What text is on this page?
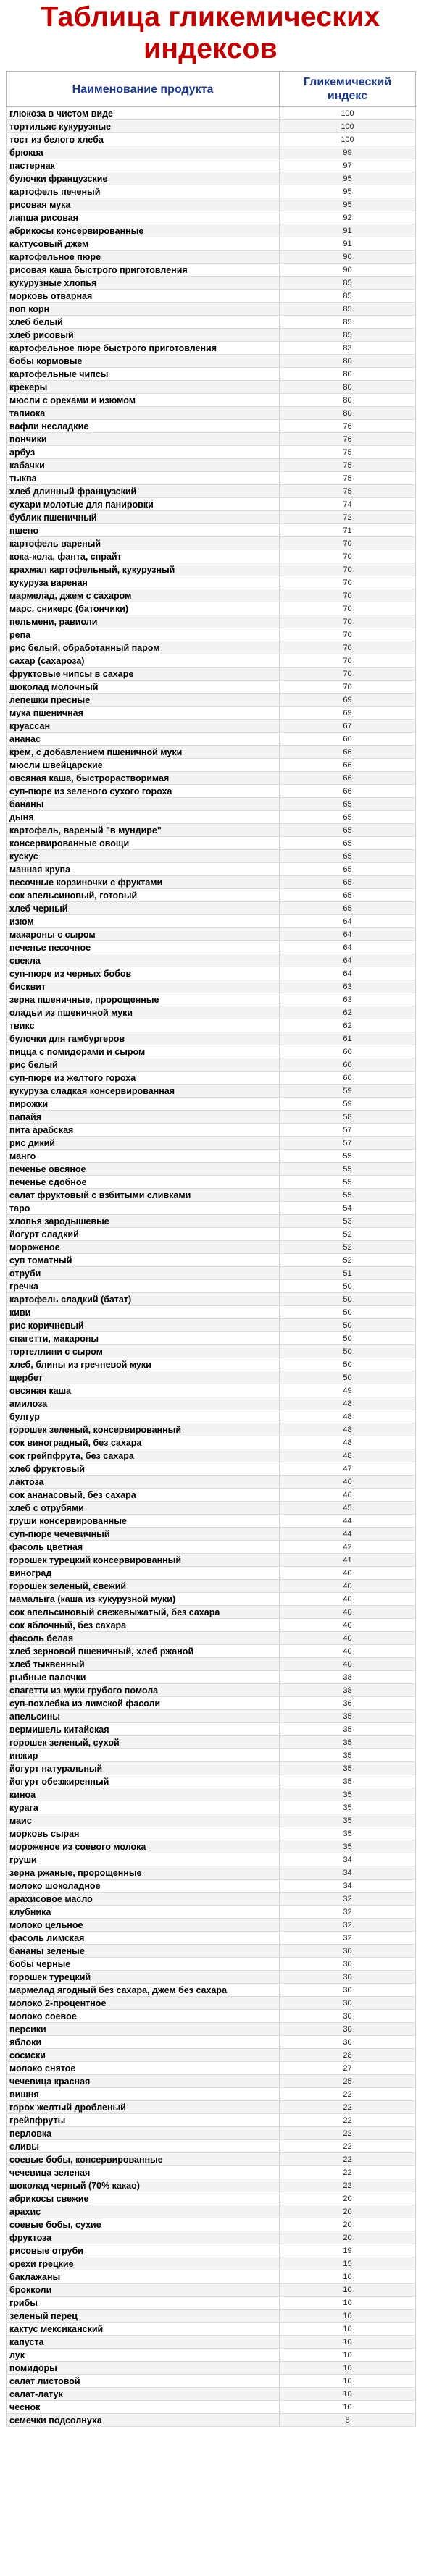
Таблица гликемических
индексов
Наименование продукта	Гликемический
индекс
глюкоза в чистом виде	100
тортильяс кукурузные	100
тост из белого хлеба	100
брюква	99
пастернак	97
булочки французские	95
картофель печеный	95
рисовая мука	95
лапша рисовая	92
абрикосы консервированные	91
кактусовый джем	91
картофельное пюре	90
рисовая каша быстрого приготовления	90
кукурузные хлопья	85
морковь отварная	85
поп корн	85
хлеб белый	85
хлеб рисовый	85
картофельное пюре быстрого приготовления	83
бобы кормовые	80
картофельные чипсы	80
крекеры	80
мюсли с орехами и изюмом	80
тапиока	80
вафли несладкие	76
пончики	76
арбуз	75
кабачки	75
тыква	75
хлеб длинный французский	75
сухари молотые для панировки	74
бублик пшеничный	72
пшено	71
картофель вареный	70
кока-кола, фанта, спрайт	70
крахмал картофельный, кукурузный	70
кукуруза вареная	70
мармелад, джем с сахаром	70
марс, сникерс (батончики)	70
пельмени, равиоли	70
репа	70
рис белый, обработанный паром	70
сахар (сахароза)	70
фруктовые чипсы в сахаре	70
шоколад молочный	70
лепешки пресные	69
мука пшеничная	69
круассан	67
ананас	66
крем, с добавлением пшеничной муки	66
мюсли швейцарские	66
овсяная каша, быстрорастворимая	66
суп-пюре из зеленого сухого гороха	66
бананы	65
дыня	65
картофель, вареный "в мундире"	65
консервированные овощи	65
кускус	65
манная крупа	65
песочные корзиночки с фруктами	65
сок апельсиновый, готовый	65
хлеб черный	65
изюм	64
макароны с сыром	64
печенье песочное	64
свекла	64
суп-пюре из черных бобов	64
бисквит	63
зерна пшеничные, пророщенные	63
оладьи из пшеничной муки	62
твикс	62
булочки для гамбургеров	61
пицца с помидорами и сыром	60
рис белый	60
суп-пюре из желтого гороха	60
кукуруза сладкая консервированная	59
пирожки	59
папайя	58
пита арабская	57
рис дикий	57
манго	55
печенье овсяное	55
печенье сдобное	55
салат фруктовый с взбитыми сливками	55
таро	54
хлопья зародышевые	53
йогурт сладкий	52
мороженое	52
суп томатный	52
отруби	51
гречка	50
картофель сладкий (батат)	50
киви	50
рис коричневый	50
спагетти, макароны	50
тортеллини с сыром	50
хлеб, блины из гречневой муки	50
щербет	50
овсяная каша	49
амилоза	48
булгур	48
горошек зеленый, консервированный	48
сок виноградный, без сахара	48
сок грейпфрута, без сахара	48
хлеб фруктовый	47
лактоза	46
сок ананасовый, без сахара	46
хлеб с отрубями	45
груши консервированные	44
суп-пюре чечевичный	44
фасоль цветная	42
горошек турецкий консервированный	41
виноград	40
горошек зеленый, свежий	40
мамалыга (каша из кукурузной муки)	40
сок апельсиновый свежевыжатый, без сахара	40
сок яблочный, без сахара	40
фасоль белая	40
хлеб зерновой пшеничный, хлеб ржаной	40
хлеб тыквенный	40
рыбные палочки	38
спагетти из муки грубого помола	38
суп-похлебка из лимской фасоли	36
апельсины	35
вермишель китайская	35
горошек зеленый, сухой	35
инжир	35
йогурт натуральный	35
йогурт обезжиренный	35
киноа	35
курага	35
маис	35
морковь сырая	35
мороженое из соевого молока	35
груши	34
зерна ржаные, пророщенные	34
молоко шоколадное	34
арахисовое масло	32
клубника	32
молоко цельное	32
фасоль лимская	32
бананы зеленые	30
бобы черные	30
горошек турецкий	30
мармелад ягодный без сахара, джем без сахара	30
молоко 2-процентное	30
молоко соевое	30
персики	30
яблоки	30
сосиски	28
молоко снятое	27
чечевица красная	25
вишня	22
горох желтый дробленый	22
грейпфруты	22
перловка	22
сливы	22
соевые бобы, консервированные	22
чечевица зеленая	22
шоколад черный (70% какао)	22
абрикосы свежие	20
арахис	20
соевые бобы, сухие	20
фруктоза	20
рисовые отруби	19
орехи грецкие	15
баклажаны	10
брокколи	10
грибы	10
зеленый перец	10
кактус мексиканский	10
капуста	10
лук	10
помидоры	10
салат листовой	10
салат-латук	10
чеснок	10
семечки подсолнуха	8
